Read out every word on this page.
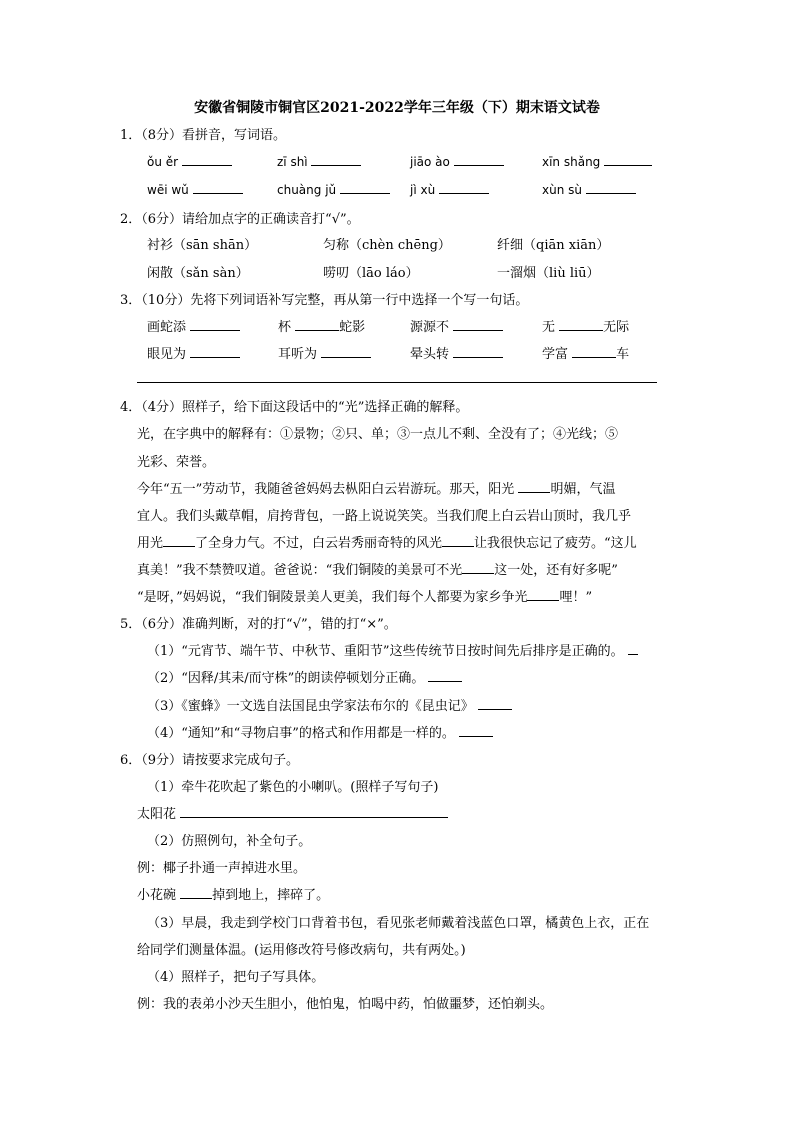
安徽省铜陵市铜官区2021-2022学年三年级（下）期末语文试卷
1．（8分）看拼音，写词语。
ǒu ěr	zī shì	jiāo ào	xīn shǎng
wēi wǔ	chuàng jǔ	jì xù	xùn sù
2．（6分）请给加点字的正确读音打“√”。
衬衫（sān shān）	匀称（chèn chēng）	纤细（qiān xiān）
闲散（sǎn sàn）	唠叨（lāo láo）	一溜烟（liù liū）
3．（10分）先将下列词语补写完整，再从第一行中选择一个写一句话。
画蛇添	杯	蛇影	源源不	无	无际
眼见为	耳听为	晕头转	学富	车
4．（4分）照样子，给下面这段话中的“光”选择正确的解释。
光，在字典中的解释有：①景物；②只、单；③一点儿不剩、全没有了；④光线；⑤
光彩、荣誉。
今年“五一”劳动节，我随爸爸妈妈去枞阳白云岩游玩。那天，阳光	明媚，气温
宜人。我们头戴草帽，肩挎背包，一路上说说笑笑。当我们爬上白云岩山顶时，我几乎
用光 了全身力气。不过，白云岩秀丽奇特的风光 让我很快忘记了疲劳。“这儿
真美！”我不禁赞叹道。爸爸说：“我们铜陵的美景可不光 这一处，还有好多呢”
“是呀，”妈妈说，“我们铜陵景美人更美，我们每个人都要为家乡争光 哩！”
5．（6分）准确判断，对的打“√”，错的打“×”。
（1）“元宵节、端午节、中秋节、重阳节”这些传统节日按时间先后排序是正确的。
（2）“因释/其耒/而守株”的朗读停顿划分正确。
（3）《蜜蜂》一文选自法国昆虫学家法布尔的《昆虫记》
（4）“通知”和“寻物启事”的格式和作用都是一样的。
6．（9分）请按要求完成句子。
（1）牵牛花吹起了紫色的小喇叭。(照样子写句子)
太阳花
（2）仿照例句，补全句子。
例：椰子扑通一声掉进水里。
小花碗	掉到地上，摔碎了。
（3）早晨，我走到学校门口背着书包，看见张老师戴着浅蓝色口罩，橘黄色上衣，正在
给同学们测量体温。(运用修改符号修改病句，共有两处。)
（4）照样子，把句子写具体。
例：我的表弟小沙天生胆小，他怕鬼，怕喝中药，怕做噩梦，还怕剃头。
